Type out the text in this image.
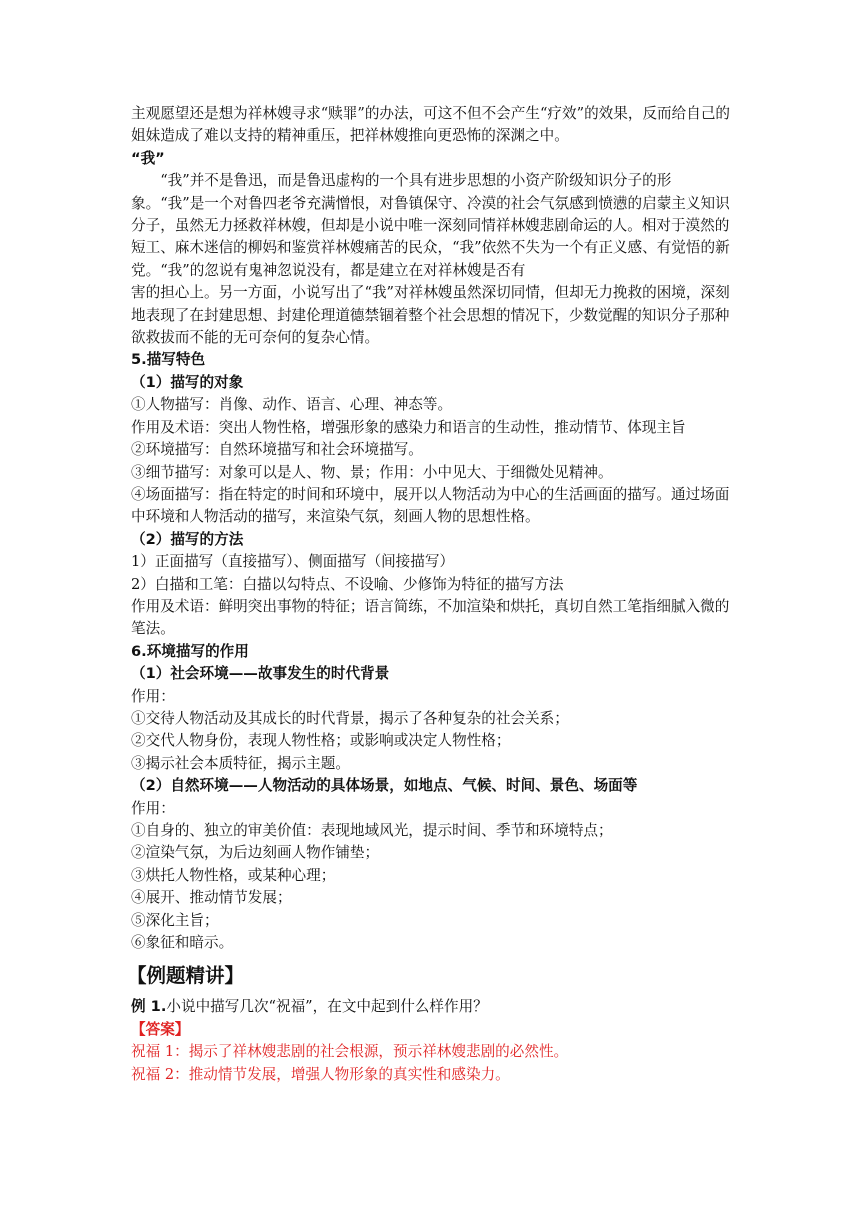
主观愿望还是想为祥林嫂寻求“赎罪”的办法，可这不但不会产生“疗效”的效果，反而给自己的姐妹造成了难以支持的精神重压，把祥林嫂推向更恐怖的深渊之中。

“我”

“我”并不是鲁迅，而是鲁迅虚构的一个具有进步思想的小资产阶级知识分子的形象。“我”是一个对鲁四老爷充满憎恨，对鲁镇保守、冷漠的社会气氛感到愤懑的启蒙主义知识分子，虽然无力拯救祥林嫂，但却是小说中唯一深刻同情祥林嫂悲剧命运的人。相对于漠然的短工、麻木迷信的柳妈和鉴赏祥林嫂痛苦的民众，“我”依然不失为一个有正义感、有觉悟的新党。“我”的忽说有鬼神忽说没有，都是建立在对祥林嫂是否有

害的担心上。另一方面，小说写出了“我”对祥林嫂虽然深切同情，但却无力挽救的困境，深刻地表现了在封建思想、封建伦理道德禁锢着整个社会思想的情况下，少数觉醒的知识分子那种欲救拔而不能的无可奈何的复杂心情。

5.描写特色

（1）描写的对象

①人物描写：肖像、动作、语言、心理、神态等。

作用及术语：突出人物性格，增强形象的感染力和语言的生动性，推动情节、体现主旨

②环境描写：自然环境描写和社会环境描写。

③细节描写：对象可以是人、物、景；作用：小中见大、于细微处见精神。

④场面描写：指在特定的时间和环境中，展开以人物活动为中心的生活画面的描写。通过场面中环境和人物活动的描写，来渲染气氛，刻画人物的思想性格。

（2）描写的方法

1）正面描写（直接描写）、侧面描写（间接描写）

2）白描和工笔：白描以勾特点、不设喻、少修饰为特征的描写方法

作用及术语：鲜明突出事物的特征；语言简练，不加渲染和烘托，真切自然工笔指细腻入微的笔法。

6.环境描写的作用

（1）社会环境——故事发生的时代背景

作用：

①交待人物活动及其成长的时代背景，揭示了各种复杂的社会关系；

②交代人物身份，表现人物性格；或影响或决定人物性格；

③揭示社会本质特征，揭示主题。

（2）自然环境——人物活动的具体场景，如地点、气候、时间、景色、场面等

作用：

①自身的、独立的审美价值：表现地域风光，提示时间、季节和环境特点；

②渲染气氛，为后边刻画人物作铺垫；

③烘托人物性格，或某种心理；

④展开、推动情节发展；

⑤深化主旨；

⑥象征和暗示。

【例题精讲】

例 1.小说中描写几次“祝福”，在文中起到什么样作用？

【答案】

祝福 1：揭示了祥林嫂悲剧的社会根源，预示祥林嫂悲剧的必然性。

祝福 2：推动情节发展，增强人物形象的真实性和感染力。
